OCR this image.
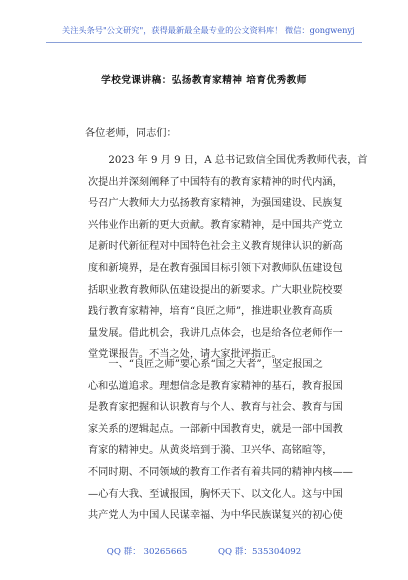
关注头条号"公文研究"，获得最新最全最专业的公文资料库！ 微信：gongwenyj
学校党课讲稿：弘扬教育家精神 培育优秀教师
各位老师，同志们：
　　2023 年 9 月 9 日，A 总书记致信全国优秀教师代表，首
次提出并深刻阐释了中国特有的教育家精神的时代内涵，
号召广大教师大力弘扬教育家精神，为强国建设、民族复
兴伟业作出新的更大贡献。教育家精神，是中国共产党立
足新时代新征程对中国特色社会主义教育规律认识的新高
度和新境界，是在教育强国目标引领下对教师队伍建设包
括职业教育教师队伍建设提出的新要求。广大职业院校要
践行教育家精神，培育“良匠之师”，推进职业教育高质
量发展。借此机会，我讲几点体会，也是给各位老师作一
堂党课报告。不当之处，请大家批评指正。
　　一、“良匠之师”要心系“国之大者”，坚定报国之
心和弘道追求。理想信念是教育家精神的基石，教育报国
是教育家把握和认识教育与个人、教育与社会、教育与国
家关系的逻辑起点。一部新中国教育史，就是一部中国教
育家的精神史。从黄炎培到于漪、卫兴华、高铭暄等，
不同时期、不同领域的教育工作者有着共同的精神内核——
—心有大我、至诚报国，胸怀天下、以文化人。这与中国
共产党人为中国人民谋幸福、为中华民族谋复兴的初心使
QQ 群： 30265665	QQ 群：535304092
